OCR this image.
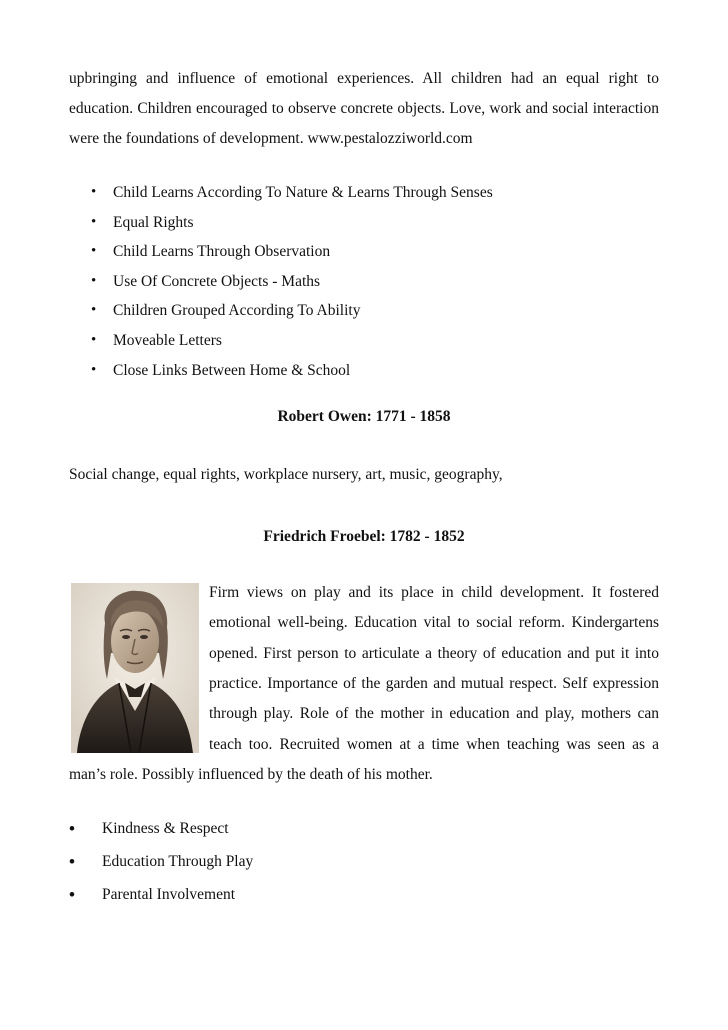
upbringing and influence of emotional experiences. All children had an equal right to education. Children encouraged to observe concrete objects. Love, work and social interaction were the foundations of development. www.pestalozziworld.com

• Child Learns According To Nature & Learns Through Senses
• Equal Rights
• Child Learns Through Observation
• Use Of Concrete Objects - Maths
• Children Grouped According To Ability
• Moveable Letters
• Close Links Between Home & School

Robert Owen: 1771 - 1858

Social change, equal rights, workplace nursery, art, music, geography,

Friedrich Froebel: 1782 - 1852

Firm views on play and its place in child development. It fostered emotional well-being. Education vital to social reform. Kindergartens opened. First person to articulate a theory of education and put it into practice. Importance of the garden and mutual respect. Self expression through play. Role of the mother in education and play, mothers can teach too. Recruited women at a time when teaching was seen as a man’s role. Possibly influenced by the death of his mother.

• Kindness & Respect
• Education Through Play
• Parental Involvement
